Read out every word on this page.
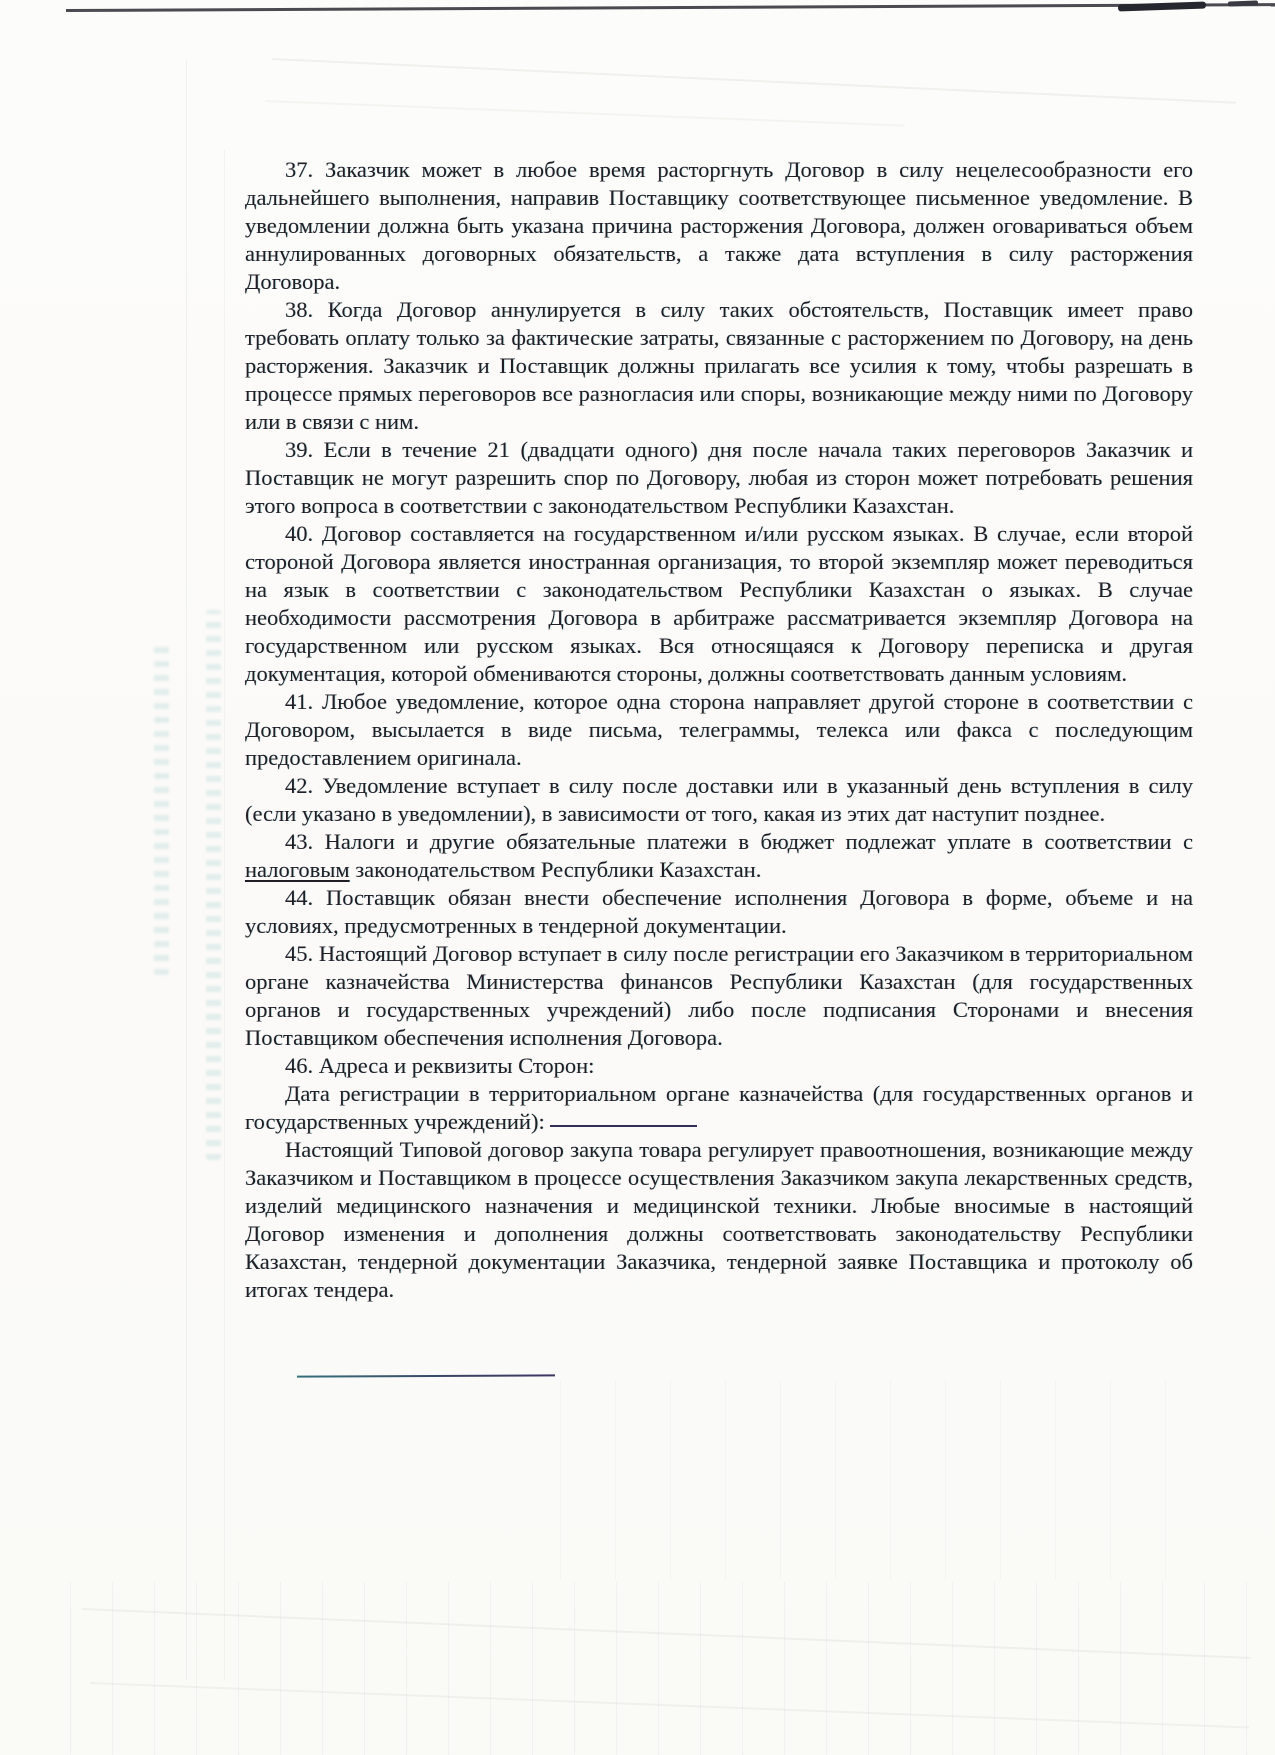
37. Заказчик может в любое время расторгнуть Договор в силу нецелесообразности его дальнейшего выполнения, направив Поставщику соответствующее письменное уведомление. В уведомлении должна быть указана причина расторжения Договора, должен оговариваться объем аннулированных договорных обязательств, а также дата вступления в силу расторжения Договора.

38. Когда Договор аннулируется в силу таких обстоятельств, Поставщик имеет право требовать оплату только за фактические затраты, связанные с расторжением по Договору, на день расторжения. Заказчик и Поставщик должны прилагать все усилия к тому, чтобы разрешать в процессе прямых переговоров все разногласия или споры, возникающие между ними по Договору или в связи с ним.

39. Если в течение 21 (двадцати одного) дня после начала таких переговоров Заказчик и Поставщик не могут разрешить спор по Договору, любая из сторон может потребовать решения этого вопроса в соответствии с законодательством Республики Казахстан.

40. Договор составляется на государственном и/или русском языках. В случае, если второй стороной Договора является иностранная организация, то второй экземпляр может переводиться на язык в соответствии с законодательством Республики Казахстан о языках. В случае необходимости рассмотрения Договора в арбитраже рассматривается экземпляр Договора на государственном или русском языках. Вся относящаяся к Договору переписка и другая документация, которой обмениваются стороны, должны соответствовать данным условиям.

41. Любое уведомление, которое одна сторона направляет другой стороне в соответствии с Договором, высылается в виде письма, телеграммы, телекса или факса с последующим предоставлением оригинала.

42. Уведомление вступает в силу после доставки или в указанный день вступления в силу (если указано в уведомлении), в зависимости от того, какая из этих дат наступит позднее.

43. Налоги и другие обязательные платежи в бюджет подлежат уплате в соответствии с налоговым законодательством Республики Казахстан.

44. Поставщик обязан внести обеспечение исполнения Договора в форме, объеме и на условиях, предусмотренных в тендерной документации.

45. Настоящий Договор вступает в силу после регистрации его Заказчиком в территориальном органе казначейства Министерства финансов Республики Казахстан (для государственных органов и государственных учреждений) либо после подписания Сторонами и внесения Поставщиком обеспечения исполнения Договора.

46. Адреса и реквизиты Сторон:

Дата регистрации в территориальном органе казначейства (для государственных органов и государственных учреждений):

Настоящий Типовой договор закупа товара регулирует правоотношения, возникающие между Заказчиком и Поставщиком в процессе осуществления Заказчиком закупа лекарственных средств, изделий медицинского назначения и медицинской техники. Любые вносимые в настоящий Договор изменения и дополнения должны соответствовать законодательству Республики Казахстан, тендерной документации Заказчика, тендерной заявке Поставщика и протоколу об итогах тендера.
